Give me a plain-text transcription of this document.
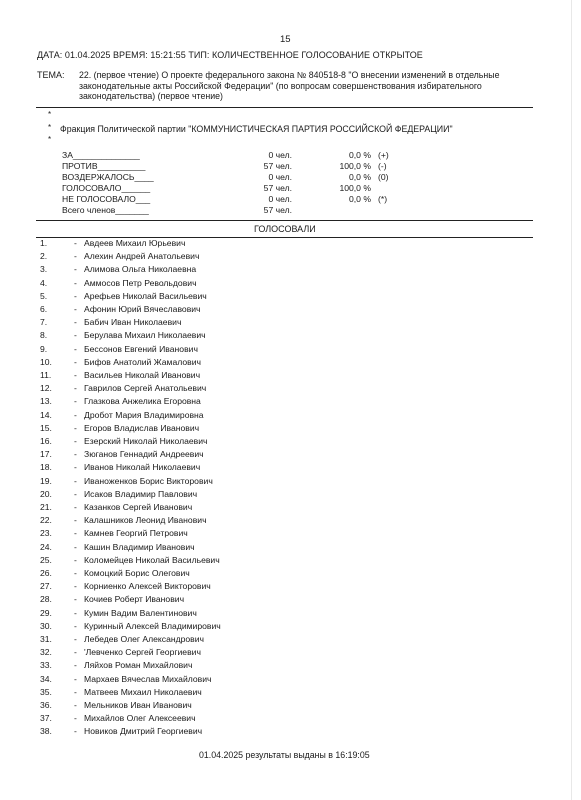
15
ДАТА: 01.04.2025 ВРЕМЯ: 15:21:55 ТИП: КОЛИЧЕСТВЕННОЕ ГОЛОСОВАНИЕ ОТКРЫТОЕ
ТЕМА: 22. (первое чтение) О проекте федерального закона № 840518-8 "О внесении изменений в отдельные законодательные акты Российской Федерации" (по вопросам совершенствования избирательного законодательства) (первое чтение)
*
* Фракция Политической партии "КОММУНИСТИЧЕСКАЯ ПАРТИЯ РОССИЙСКОЙ ФЕДЕРАЦИИ"
*
ЗА______________	0 чел.	0,0 % (+)
ПРОТИВ__________	57 чел.	100,0 % (-)
ВОЗДЕРЖАЛОСЬ____	0 чел.	0,0 % (0)
ГОЛОСОВАЛО______	57 чел.	100,0 %
НЕ ГОЛОСОВАЛО___	0 чел.	0,0 % (*)
Всего членов_______	57 чел.
ГОЛОСОВАЛИ
1.	- Авдеев Михаил Юрьевич
2.	- Алехин Андрей Анатольевич
3.	- Алимова Ольга Николаевна
4.	- Аммосов Петр Револьдович
5.	- Арефьев Николай Васильевич
6.	- Афонин Юрий Вячеславович
7.	- Бабич Иван Николаевич
8.	- Берулава Михаил Николаевич
9.	- Бессонов Евгений Иванович
10.	- Бифов Анатолий Жамалович
11.	- Васильев Николай Иванович
12.	- Гаврилов Сергей Анатольевич
13.	- Глазкова Анжелика Егоровна
14.	- Дробот Мария Владимировна
15.	- Егоров Владислав Иванович
16.	- Езерский Николай Николаевич
17.	- Зюганов Геннадий Андреевич
18.	- Иванов Николай Николаевич
19.	- Иваноженков Борис Викторович
20.	- Исаков Владимир Павлович
21.	- Казанков Сергей Иванович
22.	- Калашников Леонид Иванович
23.	- Камнев Георгий Петрович
24.	- Кашин Владимир Иванович
25.	- Коломейцев Николай Васильевич
26.	- Комоцкий Борис Олегович
27.	- Корниенко Алексей Викторович
28.	- Кочиев Роберт Иванович
29.	- Кумин Вадим Валентинович
30.	- Куринный Алексей Владимирович
31.	- Лебедев Олег Александрович
32.	- 'Левченко Сергей Георгиевич
33.	- Ляйхов Роман Михайлович
34.	- Мархаев Вячеслав Михайлович
35.	- Матвеев Михаил Николаевич
36.	- Мельников Иван Иванович
37.	- Михайлов Олег Алексеевич
38.	- Новиков Дмитрий Георгиевич
01.04.2025 результаты выданы в 16:19:05
